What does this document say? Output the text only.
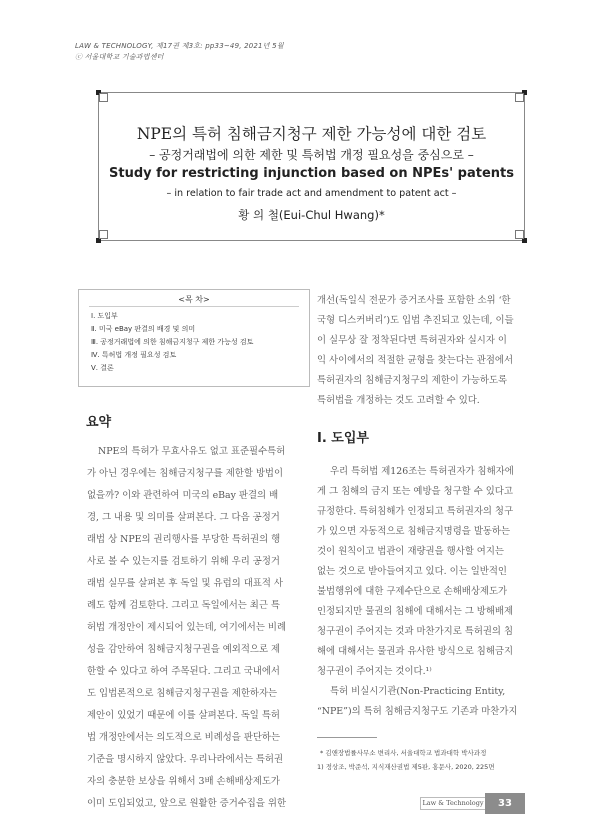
LAW & TECHNOLOGY, 제17권 제3호: pp33~49, 2021년 5월
ⓒ 서울대학교 기술과법센터
NPE의 특허 침해금지청구 제한 가능성에 대한 검토
– 공정거래법에 의한 제한 및 특허법 개정 필요성을 중심으로 –
Study for restricting injunction based on NPEs' patents
– in relation to fair trade act and amendment to patent act –
황 의 철(Eui-Chul Hwang)*
<목 차>
Ⅰ. 도입부
Ⅱ. 미국 eBay 판결의 배경 및 의미
Ⅲ. 공정거래법에 의한 침해금지청구 제한 가능성 검토
Ⅳ. 특허법 개정 필요성 검토
Ⅴ. 결론
요약
NPE의 특허가 무효사유도 없고 표준필수특허
가 아닌 경우에는 침해금지청구를 제한할 방법이
없을까? 이와 관련하여 미국의 eBay 판결의 배
경, 그 내용 및 의미를 살펴본다. 그 다음 공정거
래법 상 NPE의 권리행사를 부당한 특허권의 행
사로 볼 수 있는지를 검토하기 위해 우리 공정거
래법 실무를 살펴본 후 독일 및 유럽의 대표적 사
례도 함께 검토한다. 그리고 독일에서는 최근 특
허법 개정안이 제시되어 있는데, 여기에서는 비례
성을 감안하여 침해금지청구권을 예외적으로 제
한할 수 있다고 하여 주목된다. 그리고 국내에서
도 입법론적으로 침해금지청구권을 제한하자는
제안이 있었기 때문에 이를 살펴본다. 독일 특허
법 개정안에서는 의도적으로 비례성을 판단하는
기준을 명시하지 않았다. 우리나라에서는 특허권
자의 충분한 보상을 위해서 3배 손해배상제도가
이미 도입되었고, 앞으로 원활한 증거수집을 위한
개선(독일식 전문가 증거조사를 포함한 소위 ‘한
국형 디스커버리’)도 입법 추진되고 있는데, 이들
이 실무상 잘 정착된다면 특허권자와 실시자 이
익 사이에서의 적절한 균형을 찾는다는 관점에서
특허권자의 침해금지청구의 제한이 가능하도록
특허법을 개정하는 것도 고려할 수 있다.
우리 특허법 제126조는 특허권자가 침해자에
게 그 침해의 금지 또는 예방을 청구할 수 있다고
규정한다. 특허침해가 인정되고 특허권자의 청구
가 있으면 자동적으로 침해금지명령을 발동하는
것이 원칙이고 법관이 재량권을 행사할 여지는
없는 것으로 받아들여지고 있다. 이는 일반적인
불법행위에 대한 구제수단으로 손해배상제도가
인정되지만 물권의 침해에 대해서는 그 방해배제
청구권이 주어지는 것과 마찬가지로 특허권의 침
해에 대해서는 물권과 유사한 방식으로 침해금지
청구권이 주어지는 것이다.¹⁾
특허 비실시기관(Non-Practicing Entity,
“NPE”)의 특허 침해금지청구도 기존과 마찬가지
Ⅰ. 도입부
* 김앤장법률사무소 변리사, 서울대학교 법과대학 박사과정
1) 정상조, 박준석, 지식재산권법 제5판, 홍문사, 2020, 225면
Law & Technology	33
